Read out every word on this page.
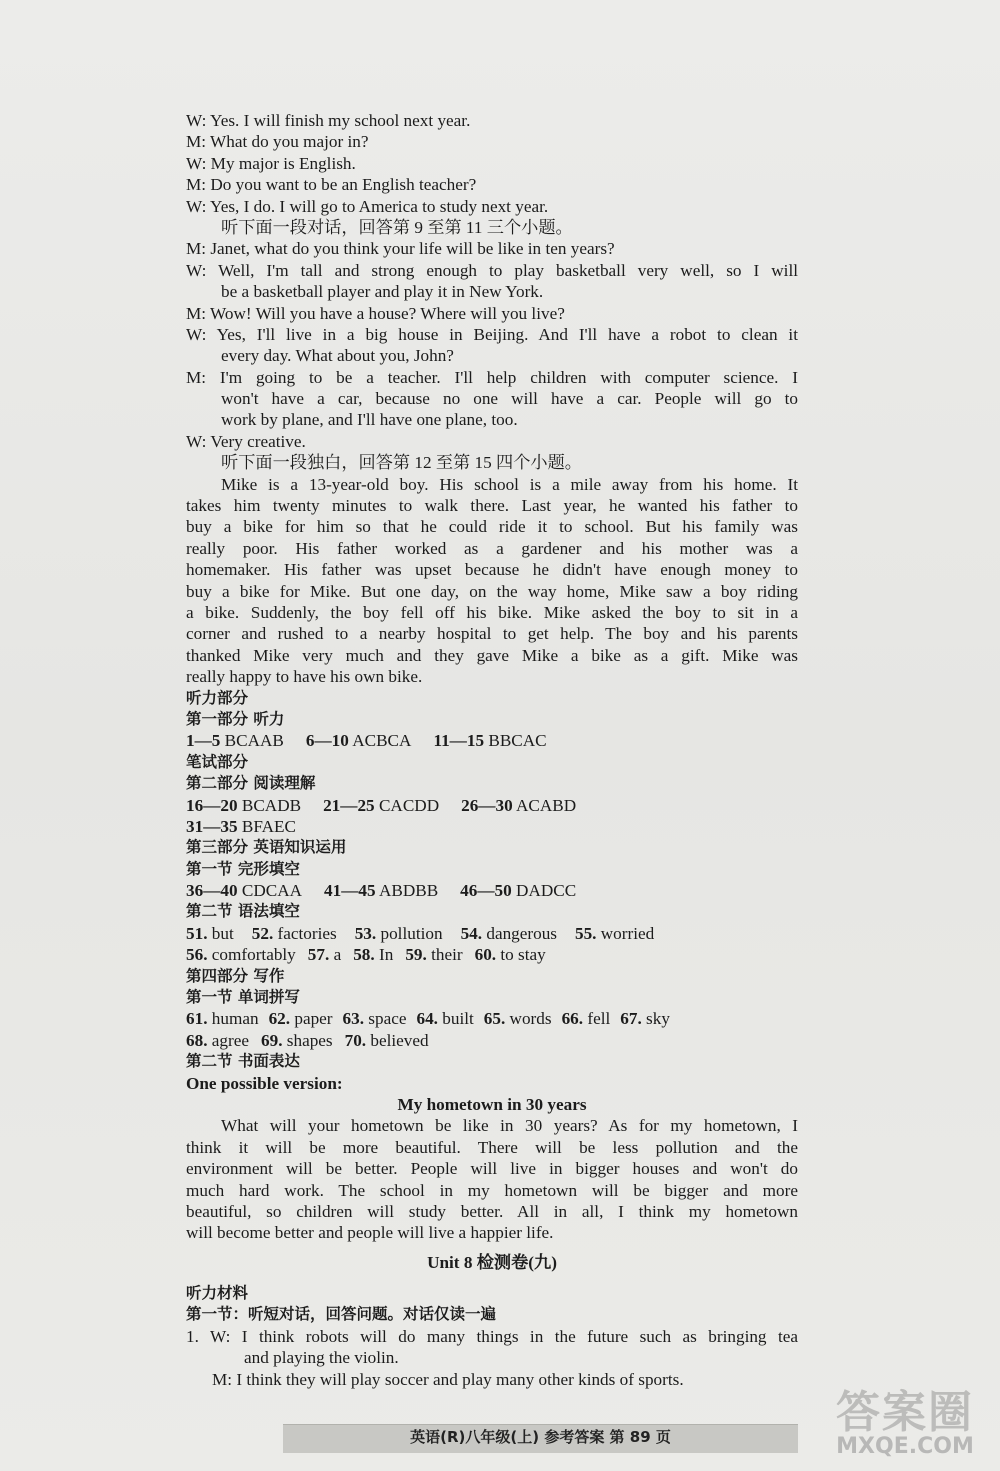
W: Yes. I will finish my school next year.
M: What do you major in?
W: My major is English.
M: Do you want to be an English teacher?
W: Yes, I do. I will go to America to study next year.
听下面一段对话，回答第 9 至第 11 三个小题。
M: Janet, what do you think your life will be like in ten years?
W: Well, I'm tall and strong enough to play basketball very well, so I will
be a basketball player and play it in New York.
M: Wow! Will you have a house? Where will you live?
W: Yes, I'll live in a big house in Beijing. And I'll have a robot to clean it
every day. What about you, John?
M: I'm going to be a teacher. I'll help children with computer science. I
won't have a car, because no one will have a car. People will go to
work by plane, and I'll have one plane, too.
W: Very creative.
听下面一段独白，回答第 12 至第 15 四个小题。
Mike is a 13-year-old boy. His school is a mile away from his home. It
takes him twenty minutes to walk there. Last year, he wanted his father to
buy a bike for him so that he could ride it to school. But his family was
really poor. His father worked as a gardener and his mother was a
homemaker. His father was upset because he didn't have enough money to
buy a bike for Mike. But one day, on the way home, Mike saw a boy riding
a bike. Suddenly, the boy fell off his bike. Mike asked the boy to sit in a
corner and rushed to a nearby hospital to get help. The boy and his parents
thanked Mike very much and they gave Mike a bike as a gift. Mike was
really happy to have his own bike.
听力部分
第一部分 听力
1—5 BCAAB 6—10 ACBCA 11—15 BBCAC
笔试部分
第二部分 阅读理解
16—20 BCADB 21—25 CACDD 26—30 ACABD
31—35 BFAEC
第三部分 英语知识运用
第一节 完形填空
36—40 CDCAA 41—45 ABDBB 46—50 DADCC
第二节 语法填空
51. but 52. factories 53. pollution 54. dangerous 55. worried
56. comfortably 57. a 58. In 59. their 60. to stay
第四部分 写作
第一节 单词拼写
61. human 62. paper 63. space 64. built 65. words 66. fell 67. sky
68. agree 69. shapes 70. believed
第二节 书面表达
One possible version:
My hometown in 30 years
What will your hometown be like in 30 years? As for my hometown, I
think it will be more beautiful. There will be less pollution and the
environment will be better. People will live in bigger houses and won't do
much hard work. The school in my hometown will be bigger and more
beautiful, so children will study better. All in all, I think my hometown
will become better and people will live a happier life.
Unit 8 检测卷(九)
听力材料
第一节：听短对话，回答问题。对话仅读一遍
1. W: I think robots will do many things in the future such as bringing tea
and playing the violin.
M: I think they will play soccer and play many other kinds of sports.
英语(R)八年级(上) 参考答案 第 89 页	答案圈
MXQE.COM
